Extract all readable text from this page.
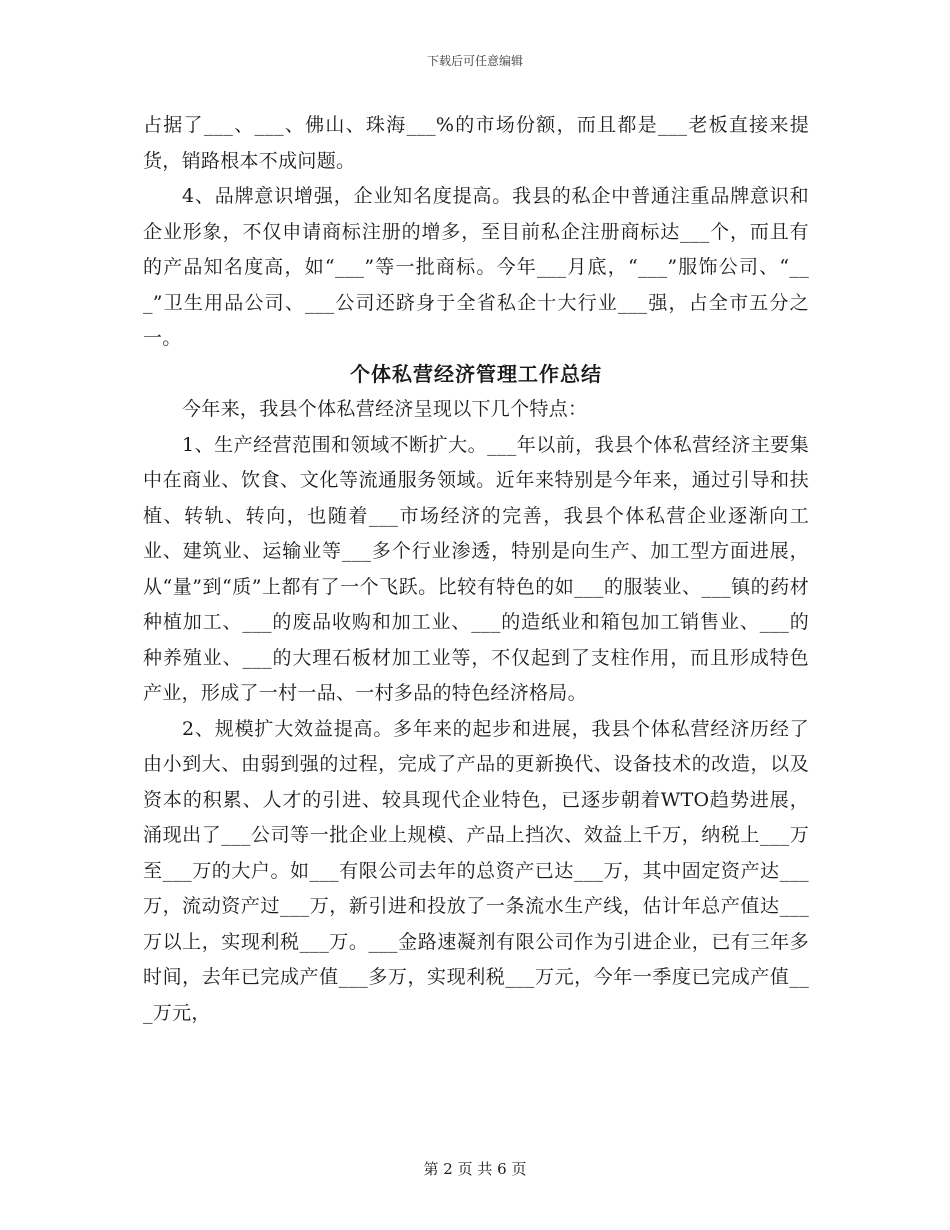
下载后可任意编辑

占据了___、___、佛山、珠海___%的市场份额，而且都是___老板直接来提货，销路根本不成问题。

4、品牌意识增强，企业知名度提高。我县的私企中普通注重品牌意识和企业形象，不仅申请商标注册的增多，至目前私企注册商标达___个，而且有的产品知名度高，如“___”等一批商标。今年___月底，“___”服饰公司、“___”卫生用品公司、___公司还跻身于全省私企十大行业___强，占全市五分之一。

个体私营经济管理工作总结

今年来，我县个体私营经济呈现以下几个特点：

1、生产经营范围和领域不断扩大。___年以前，我县个体私营经济主要集中在商业、饮食、文化等流通服务领域。近年来特别是今年来，通过引导和扶植、转轨、转向，也随着___市场经济的完善，我县个体私营企业逐渐向工业、建筑业、运输业等___多个行业渗透，特别是向生产、加工型方面进展，从“量”到“质”上都有了一个飞跃。比较有特色的如___的服装业、___镇的药材种植加工、___的废品收购和加工业、___的造纸业和箱包加工销售业、___的种养殖业、___的大理石板材加工业等，不仅起到了支柱作用，而且形成特色产业，形成了一村一品、一村多品的特色经济格局。

2、规模扩大效益提高。多年来的起步和进展，我县个体私营经济历经了由小到大、由弱到强的过程，完成了产品的更新换代、设备技术的改造，以及资本的积累、人才的引进、较具现代企业特色，已逐步朝着WTO趋势进展，涌现出了___公司等一批企业上规模、产品上挡次、效益上千万，纳税上___万至___万的大户。如___有限公司去年的总资产已达___万，其中固定资产达___万，流动资产过___万，新引进和投放了一条流水生产线，估计年总产值达___万以上，实现利税___万。___金路速凝剂有限公司作为引进企业，已有三年多时间，去年已完成产值___多万，实现利税___万元，今年一季度已完成产值___万元，

第 2 页 共 6 页
